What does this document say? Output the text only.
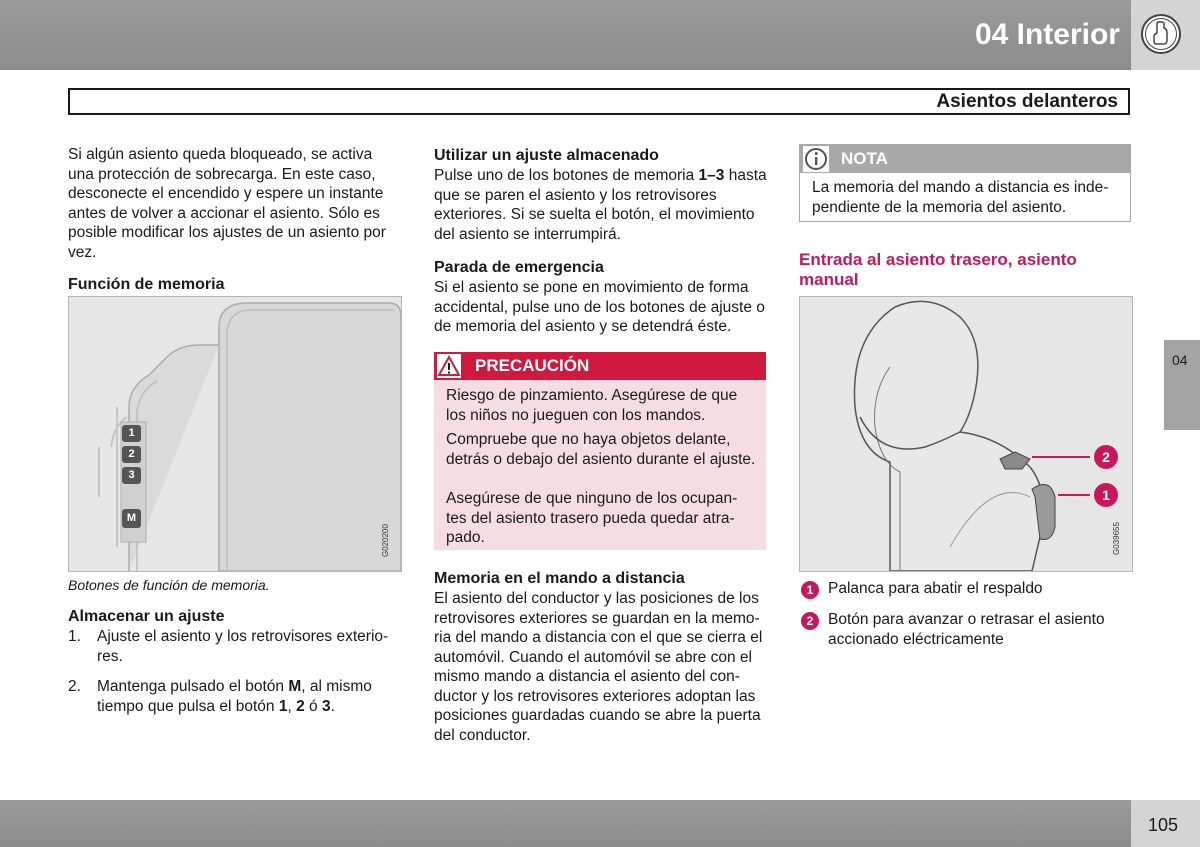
04 Interior
Asientos delanteros
04
Si algún asiento queda bloqueado, se activa una protección de sobrecarga. En este caso, desconecte el encendido y espere un instante antes de volver a accionar el asiento. Sólo es posible modificar los ajustes de un asiento por vez.
Función de memoria
1
2
3
M
G020200
Botones de función de memoria.
Almacenar un ajuste
1. Ajuste el asiento y los retrovisores exterio-res.
2. Mantenga pulsado el botón M, al mismo tiempo que pulsa el botón 1, 2 ó 3.
Utilizar un ajuste almacenado
Pulse uno de los botones de memoria 1–3 hasta que se paren el asiento y los retrovisores exteriores. Si se suelta el botón, el movimiento del asiento se interrumpirá.
Parada de emergencia
Si el asiento se pone en movimiento de forma accidental, pulse uno de los botones de ajuste o de memoria del asiento y se detendrá éste.
PRECAUCIÓN
Riesgo de pinzamiento. Asegúrese de que los niños no jueguen con los mandos.
Compruebe que no haya objetos delante, detrás o debajo del asiento durante el ajuste.
Asegúrese de que ninguno de los ocupan-tes del asiento trasero pueda quedar atra-pado.
Memoria en el mando a distancia
El asiento del conductor y las posiciones de los retrovisores exteriores se guardan en la memo-ria del mando a distancia con el que se cierra el automóvil. Cuando el automóvil se abre con el mismo mando a distancia el asiento del con-ductor y los retrovisores exteriores adoptan las posiciones guardadas cuando se abre la puerta del conductor.
NOTA
La memoria del mando a distancia es inde-pendiente de la memoria del asiento.
Entrada al asiento trasero, asiento manual
2
1
G039655
1 Palanca para abatir el respaldo
2 Botón para avanzar o retrasar el asiento accionado eléctricamente
105
